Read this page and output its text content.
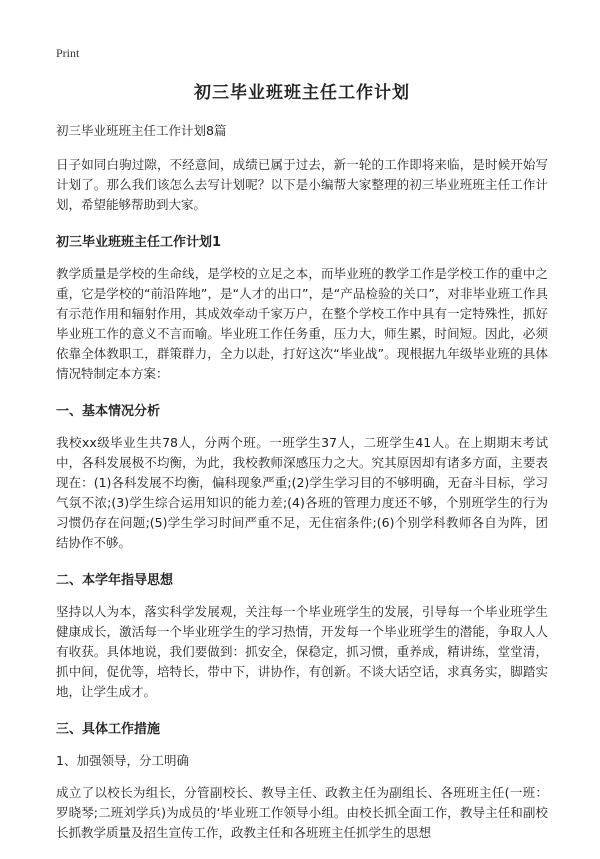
Print
初三毕业班班主任工作计划
初三毕业班班主任工作计划8篇

日子如同白驹过隙，不经意间，成绩已属于过去，新一轮的工作即将来临，是时候开始写计划了。那么我们该怎么去写计划呢？以下是小编帮大家整理的初三毕业班班主任工作计划，希望能够帮助到大家。

初三毕业班班主任工作计划1

教学质量是学校的生命线，是学校的立足之本，而毕业班的教学工作是学校工作的重中之重，它是学校的“前沿阵地”，是“人才的出口”，是“产品检验的关口”，对非毕业班工作具有示范作用和辐射作用，其成效牵动千家万户，在整个学校工作中具有一定特殊性，抓好毕业班工作的意义不言而喻。毕业班工作任务重，压力大，师生累，时间短。因此，必须依靠全体教职工，群策群力，全力以赴，打好这次“毕业战”。现根据九年级毕业班的具体情况特制定本方案：

一、基本情况分析

我校xx级毕业生共78人，分两个班。一班学生37人，二班学生41人。在上期期末考试中，各科发展极不均衡，为此，我校教师深感压力之大。究其原因却有诸多方面，主要表现在：(1)各科发展不均衡，偏科现象严重;(2)学生学习目的不够明确，无奋斗目标，学习气氛不浓;(3)学生综合运用知识的能力差;(4)各班的管理力度还不够，个别班学生的行为习惯仍存在问题;(5)学生学习时间严重不足，无住宿条件;(6)个别学科教师各自为阵，团结协作不够。

二、本学年指导思想

坚持以人为本，落实科学发展观，关注每一个毕业班学生的发展，引导每一个毕业班学生健康成长，激活每一个毕业班学生的学习热情，开发每一个毕业班学生的潜能，争取人人有收获。具体地说，我们要做到：抓安全，保稳定，抓习惯，重养成，精讲练，堂堂清，抓中间，促优等，培特长，带中下，讲协作，有创新。不谈大话空话，求真务实，脚踏实地，让学生成才。

三、具体工作措施
1、加强领导，分工明确

成立了以校长为组长，分管副校长、教导主任、政教主任为副组长、各班班主任(一班：罗晓琴;二班刘学兵)为成员的‘毕业班工作领导小组。由校长抓全面工作，教导主任和副校长抓教学质量及招生宣传工作，政教主任和各班班主任抓学生的思想
